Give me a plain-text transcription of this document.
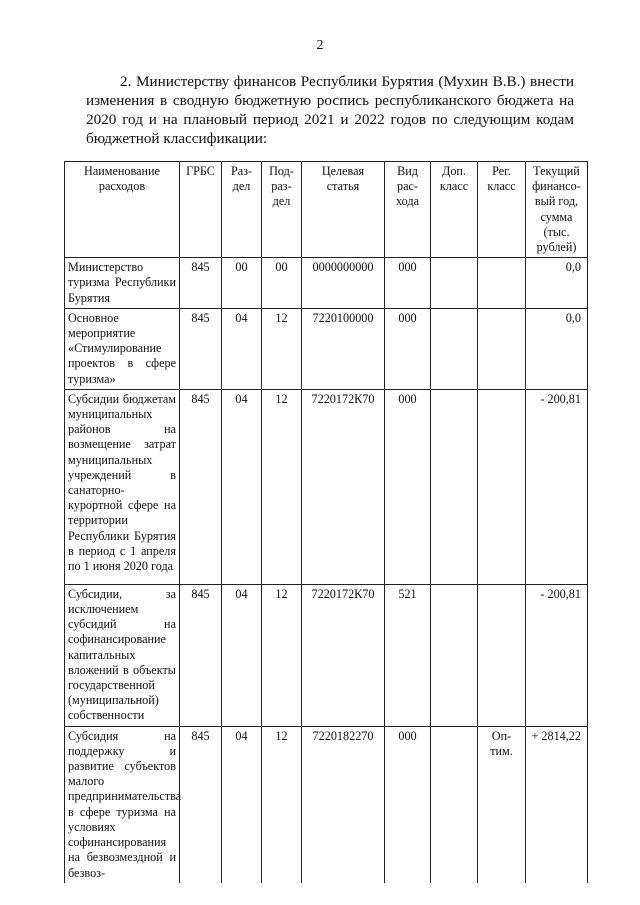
2

2. Министерству финансов Республики Бурятия (Мухин В.В.) внести изменения в сводную бюджетную роспись республиканского бюджета на 2020 год и на плановый период 2021 и 2022 годов по следующим кодам бюджетной классификации:

Наименование расходов	ГРБС	Раз-дел	Под-раз-дел	Целевая статья	Вид рас-хода	Доп. класс	Рег. класс	Текущий финансо-вый год, сумма (тыс. рублей)
Министерство туризма Республики Бурятия	845	00	00	0000000000	000			0,0
Основное мероприятие «Стимулирование проектов в сфере туризма»	845	04	12	7220100000	000			0,0
Субсидии бюджетам муниципальных районов на возмещение затрат муниципальных учреждений в санаторно-курортной сфере на территории Республики Бурятия в период с 1 апреля по 1 июня 2020 года	845	04	12	7220172К70	000			- 200,81
Субсидии, за исключением субсидий на софинансирование капитальных вложений в объекты государственной (муниципальной) собственности	845	04	12	7220172К70	521			- 200,81
Субсидия на поддержку и развитие субъектов малого предпринимательства в сфере туризма на условиях софинансирования на безвозмездной и безвоз-	845	04	12	7220182270	000		Оп-тим.	+ 2814,22
